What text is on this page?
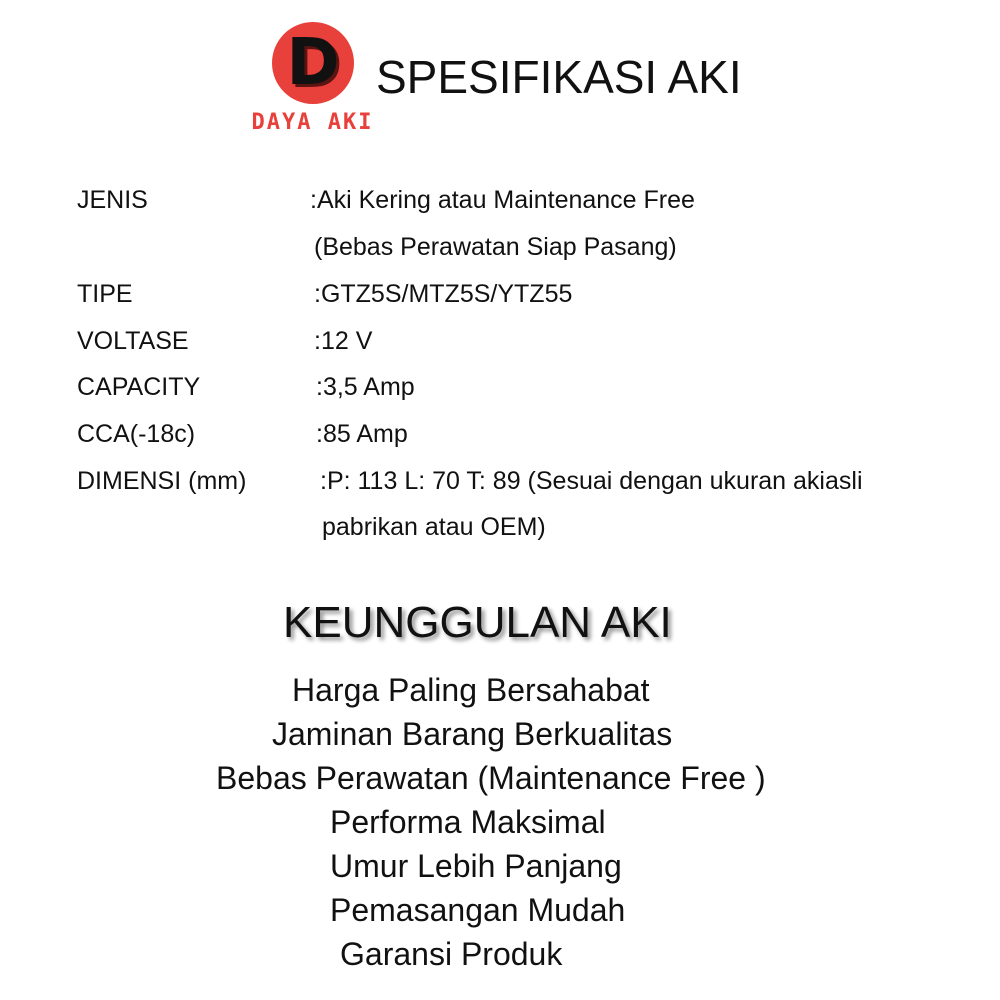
D
DAYA AKI
SPESIFIKASI AKI
JENIS	:Aki Kering atau Maintenance Free
(Bebas Perawatan Siap Pasang)
TIPE	:GTZ5S/MTZ5S/YTZ55
VOLTASE	:12 V
CAPACITY	:3,5 Amp
CCA(-18c)	:85 Amp
DIMENSI (mm)	:P: 113 L: 70 T: 89 (Sesuai dengan ukuran akiasli
pabrikan atau OEM)
KEUNGGULAN AKI
Harga Paling Bersahabat
Jaminan Barang Berkualitas
Bebas Perawatan (Maintenance Free )
Performa Maksimal
Umur Lebih Panjang
Pemasangan Mudah
Garansi Produk
